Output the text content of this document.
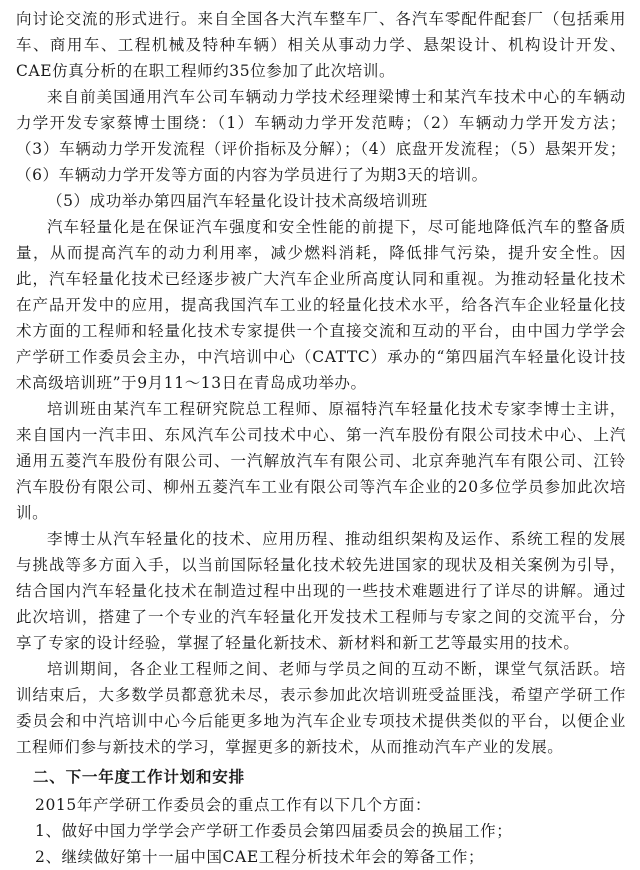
向讨论交流的形式进行。来自全国各大汽车整车厂、各汽车零配件配套厂（包括乘用车、商用车、工程机械及特种车辆）相关从事动力学、悬架设计、机构设计开发、CAE仿真分析的在职工程师约35位参加了此次培训。

来自前美国通用汽车公司车辆动力学技术经理梁博士和某汽车技术中心的车辆动力学开发专家蔡博士围绕：（1）车辆动力学开发范畴；（2）车辆动力学开发方法；（3）车辆动力学开发流程（评价指标及分解）；（4）底盘开发流程；（5）悬架开发；（6）车辆动力学开发等方面的内容为学员进行了为期3天的培训。

（5）成功举办第四届汽车轻量化设计技术高级培训班

汽车轻量化是在保证汽车强度和安全性能的前提下，尽可能地降低汽车的整备质量，从而提高汽车的动力利用率，减少燃料消耗，降低排气污染，提升安全性。因此，汽车轻量化技术已经逐步被广大汽车企业所高度认同和重视。为推动轻量化技术在产品开发中的应用，提高我国汽车工业的轻量化技术水平，给各汽车企业轻量化技术方面的工程师和轻量化技术专家提供一个直接交流和互动的平台，由中国力学学会产学研工作委员会主办，中汽培训中心（CATTC）承办的“第四届汽车轻量化设计技术高级培训班”于9月11～13日在青岛成功举办。

培训班由某汽车工程研究院总工程师、原福特汽车轻量化技术专家李博士主讲，来自国内一汽丰田、东风汽车公司技术中心、第一汽车股份有限公司技术中心、上汽通用五菱汽车股份有限公司、一汽解放汽车有限公司、北京奔驰汽车有限公司、江铃汽车股份有限公司、柳州五菱汽车工业有限公司等汽车企业的20多位学员参加此次培训。

李博士从汽车轻量化的技术、应用历程、推动组织架构及运作、系统工程的发展与挑战等多方面入手，以当前国际轻量化技术较先进国家的现状及相关案例为引导，结合国内汽车轻量化技术在制造过程中出现的一些技术难题进行了详尽的讲解。通过此次培训，搭建了一个专业的汽车轻量化开发技术工程师与专家之间的交流平台，分享了专家的设计经验，掌握了轻量化新技术、新材料和新工艺等最实用的技术。

培训期间，各企业工程师之间、老师与学员之间的互动不断，课堂气氛活跃。培训结束后，大多数学员都意犹未尽，表示参加此次培训班受益匪浅，希望产学研工作委员会和中汽培训中心今后能更多地为汽车企业专项技术提供类似的平台，以便企业工程师们参与新技术的学习，掌握更多的新技术，从而推动汽车产业的发展。

二、下一年度工作计划和安排

2015年产学研工作委员会的重点工作有以下几个方面：

1、做好中国力学学会产学研工作委员会第四届委员会的换届工作；

2、继续做好第十一届中国CAE工程分析技术年会的筹备工作；
